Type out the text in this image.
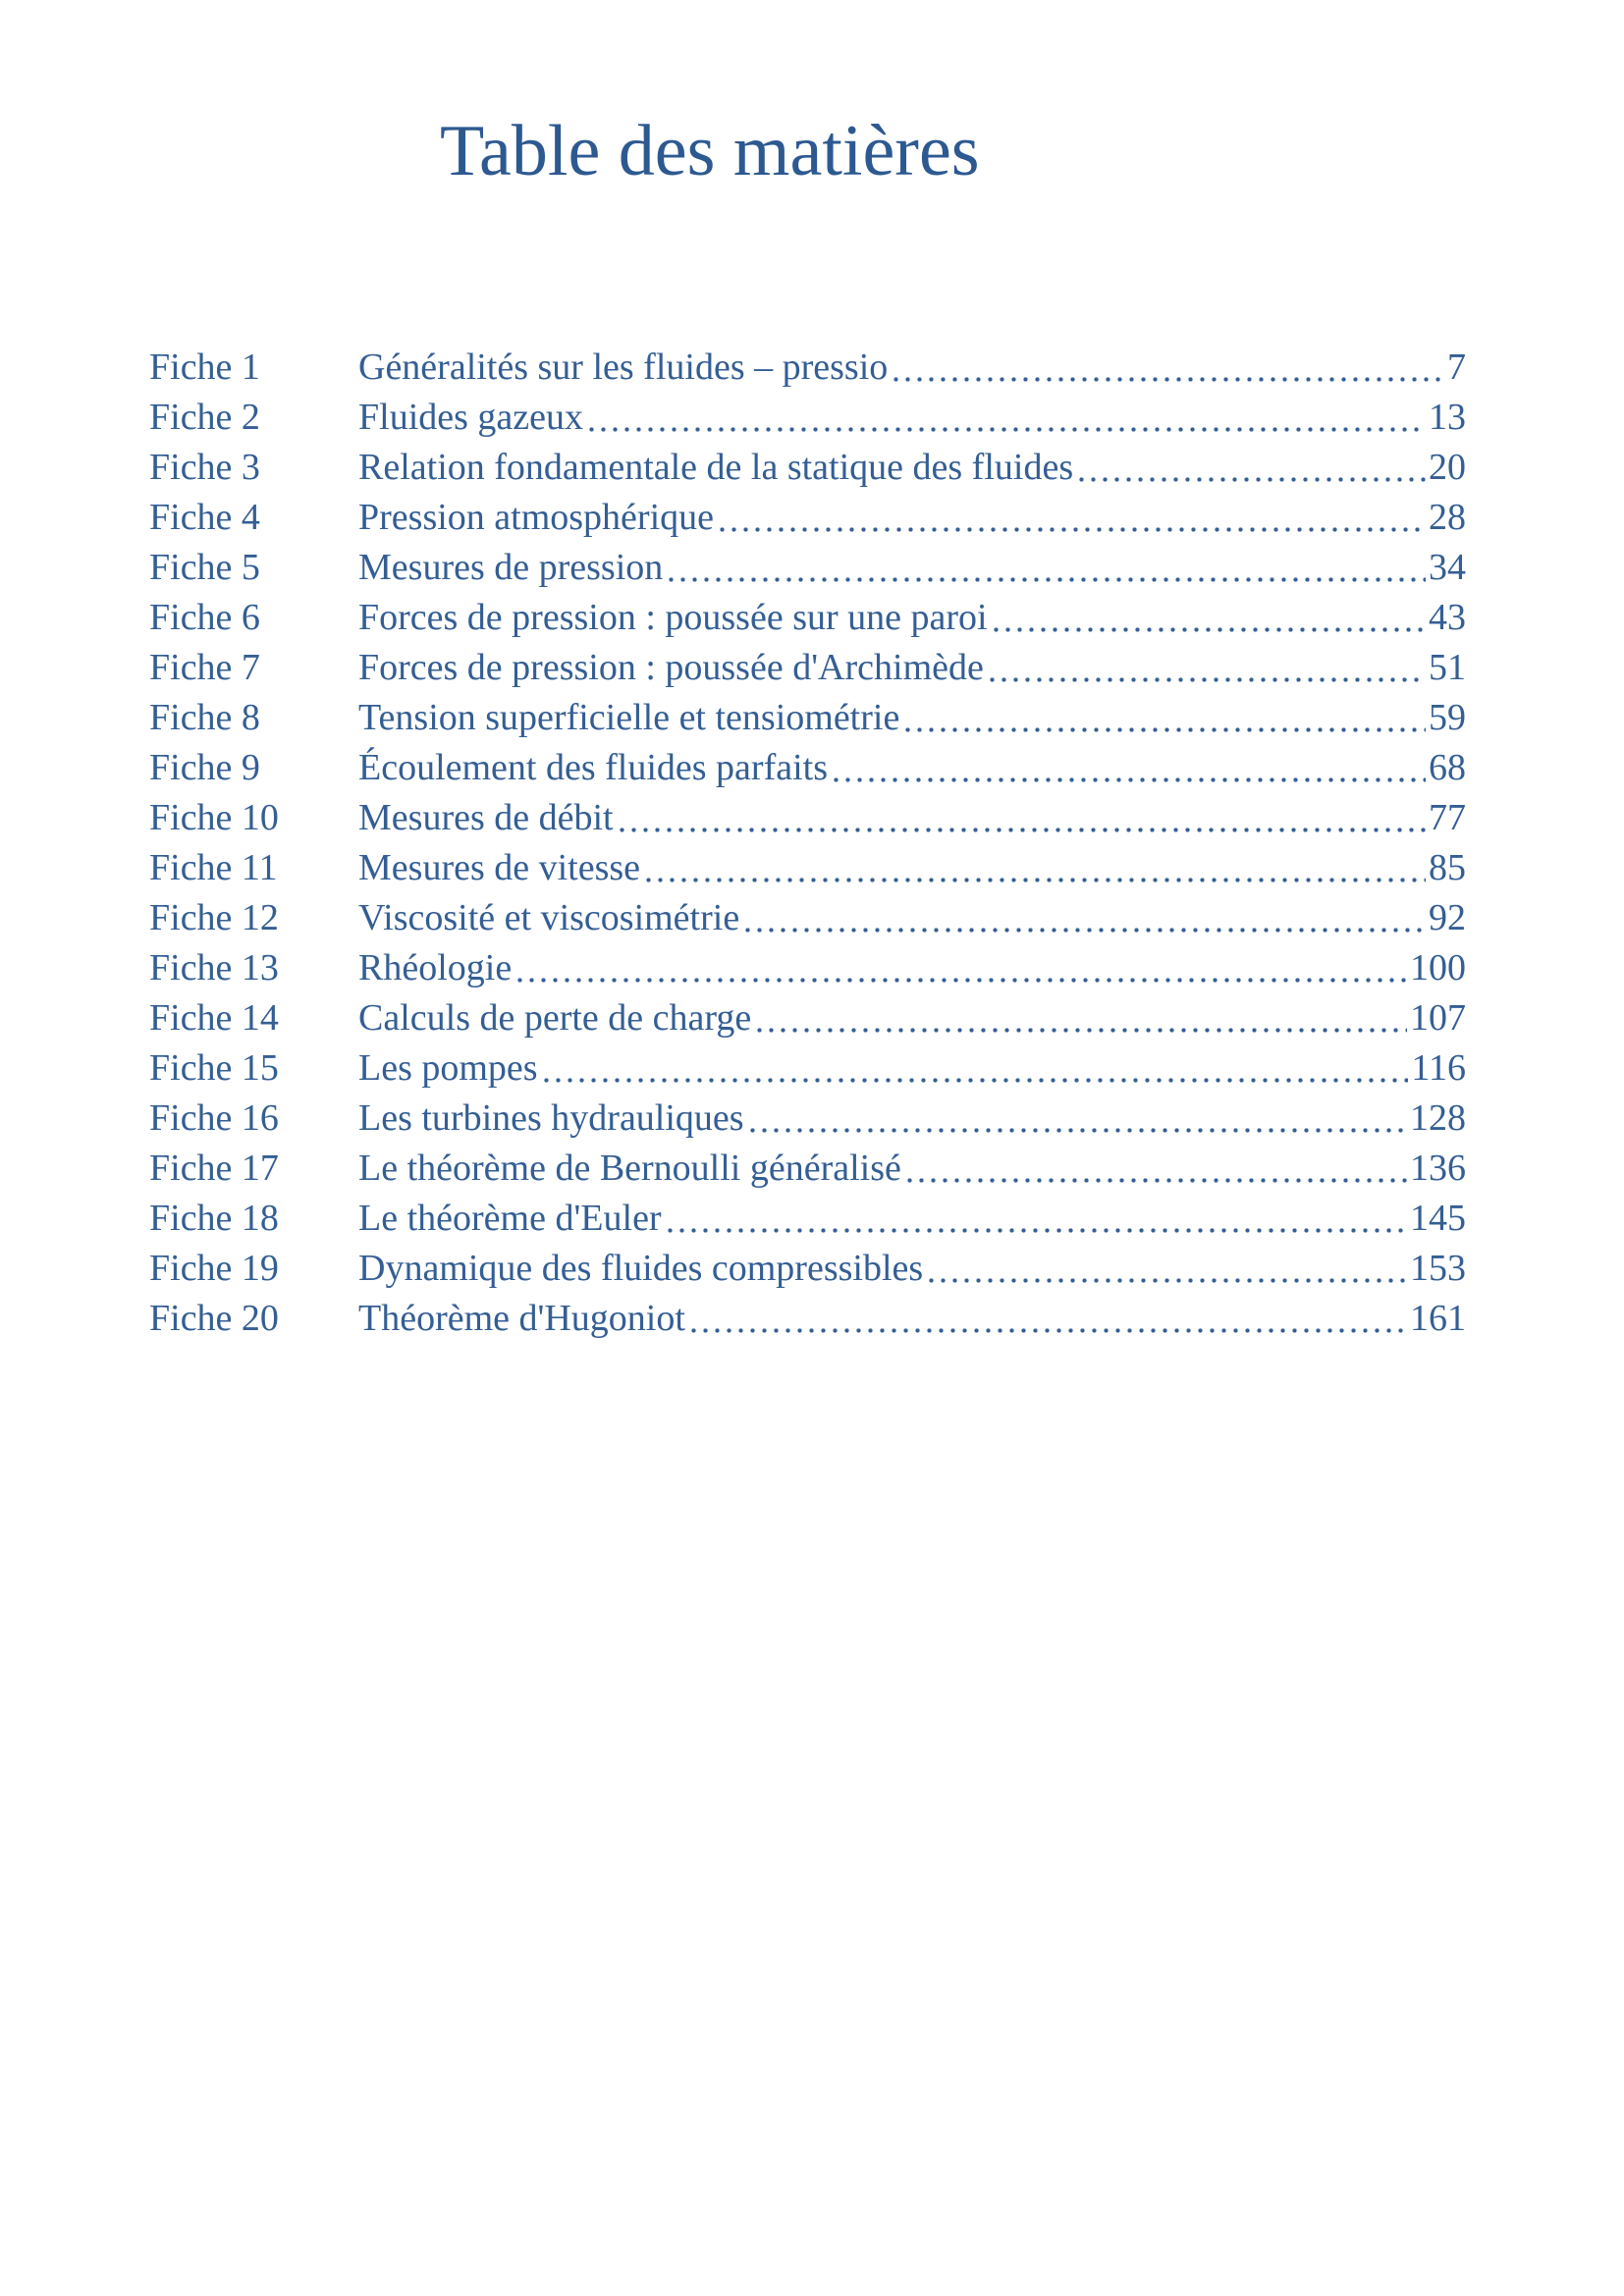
Table des matières
Fiche 1	Généralités sur les fluides – pressio	7
Fiche 2	Fluides gazeux	13
Fiche 3	Relation fondamentale de la statique des fluides	20
Fiche 4	Pression atmosphérique	28
Fiche 5	Mesures de pression	34
Fiche 6	Forces de pression : poussée sur une paroi	43
Fiche 7	Forces de pression : poussée d'Archimède	51
Fiche 8	Tension superficielle et tensiométrie	59
Fiche 9	Écoulement des fluides parfaits	68
Fiche 10	Mesures de débit	77
Fiche 11	Mesures de vitesse	85
Fiche 12	Viscosité et viscosimétrie	92
Fiche 13	Rhéologie	100
Fiche 14	Calculs de perte de charge	107
Fiche 15	Les pompes	116
Fiche 16	Les turbines hydrauliques	128
Fiche 17	Le théorème de Bernoulli généralisé	136
Fiche 18	Le théorème d'Euler	145
Fiche 19	Dynamique des fluides compressibles	153
Fiche 20	Théorème d'Hugoniot	161
